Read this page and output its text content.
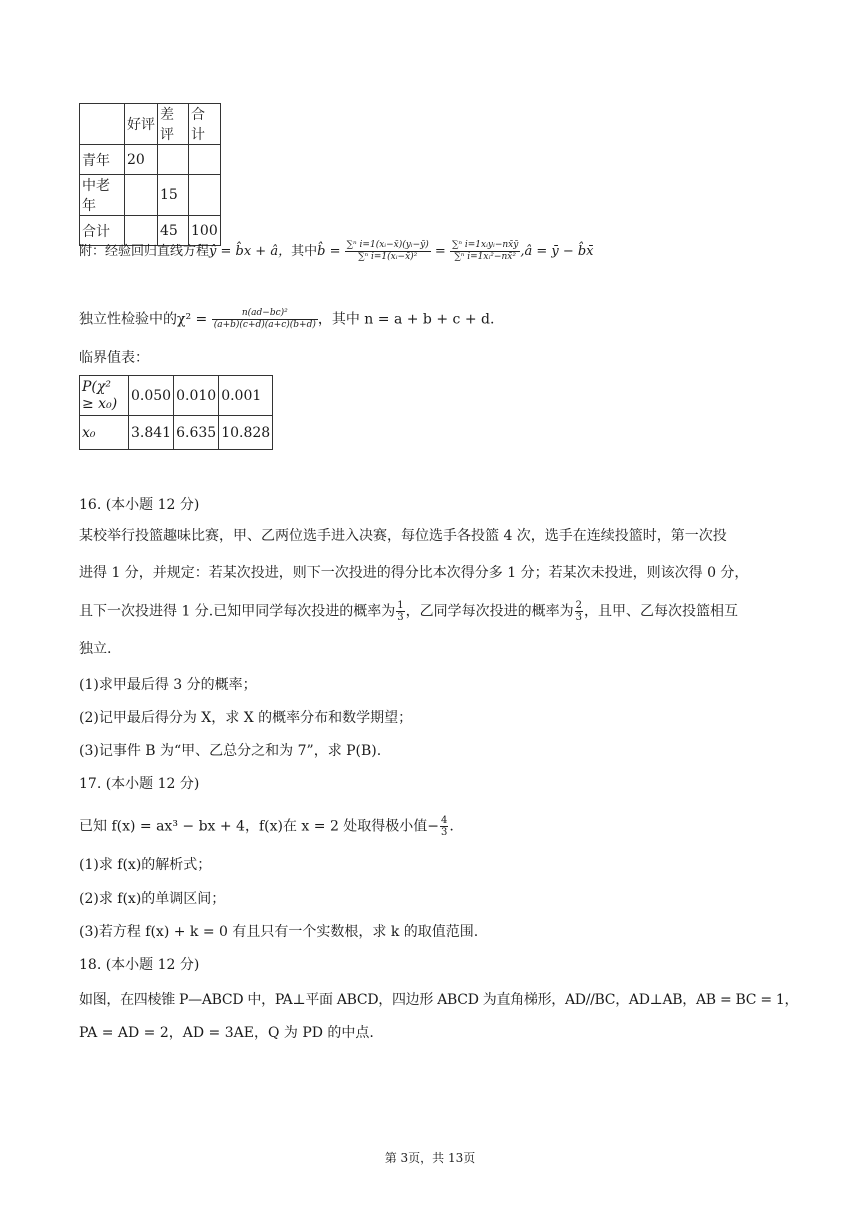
	好评	差评	合计
青年	20		
中老年		15	
合计		45	100
附：经验回归直线方程ŷ = b̂x + â，其中b̂ = $\frac{\text{∑ⁿ i=1(xᵢ−x̄)(yᵢ−ȳ)}}{\text{∑ⁿ i=1(xᵢ−x̄)²}} = \frac{\text{∑ⁿ i=1xᵢyᵢ−nx̄ȳ}}{\text{∑ⁿ i=1xᵢ²−nx̄²}}$ ,â = ȳ − b̂x̄
独立性检验中的$\chi^2 = \frac{\text{n(ad−bc)²}}{(a+b)(c+d)(a+c)(b+d)}$ ，其中 n = a + b + c + d.
临界值表：
P(χ² ≥ x₀)	0.050	0.010	0.001
x₀	3.841	6.635	10.828
16. (本小题 12 分)
某校举行投篮趣味比赛，甲、乙两位选手进入决赛，每位选手各投篮 4 次，选手在连续投篮时，第一次投
进得 1 分，并规定：若某次投进，则下一次投进的得分比本次得分多 1 分；若某次未投进，则该次得 0 分，
且下一次投进得 1 分.已知甲同学每次投进的概率为 $\frac{1}{3}$ ，乙同学每次投进的概率为 $\frac{2}{3}$ ，且甲、乙每次投篮相互
独立.
(1)求甲最后得 3 分的概率；
(2)记甲最后得分为 X，求 X 的概率分布和数学期望；
(3)记事件 B 为“甲、乙总分之和为 7”，求 P(B).
17. (本小题 12 分)
已知 f(x) = ax³ − bx + 4，f(x)在 x = 2 处取得极小值− $\frac{4}{3}$ .
(1)求 f(x)的解析式；
(2)求 f(x)的单调区间；
(3)若方程 f(x) + k = 0 有且只有一个实数根，求 k 的取值范围.
18. (本小题 12 分)
如图，在四棱锥 P—ABCD 中，PA⊥平面 ABCD，四边形 ABCD 为直角梯形，AD//BC，AD⊥AB，AB = BC = 1，
PA = AD = 2，AD = 3AE，Q 为 PD 的中点.
第 3页，共 13页
